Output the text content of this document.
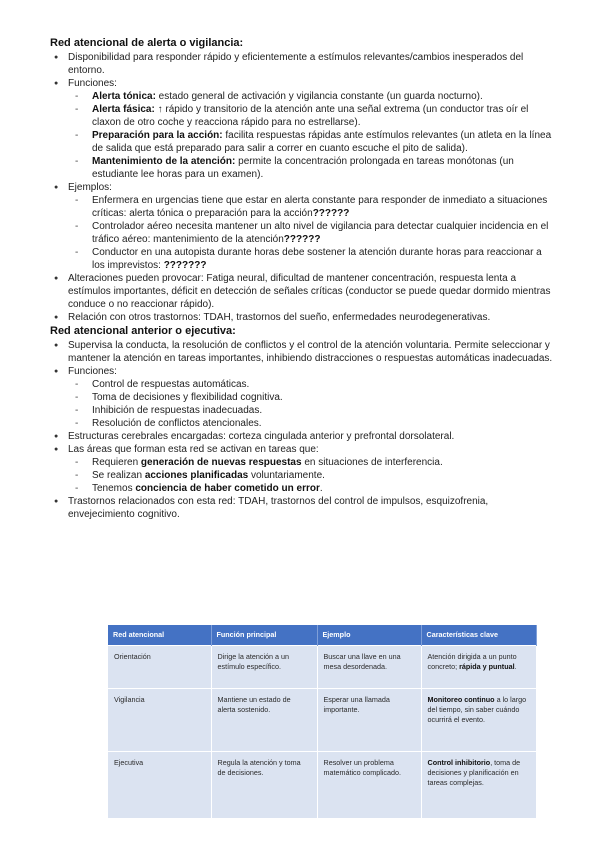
Red atencional de alerta o vigilancia:
● Disponibilidad para responder rápido y eficientemente a estímulos relevantes/cambios inesperados del entorno.
● Funciones:
- Alerta tónica: estado general de activación y vigilancia constante (un guarda nocturno).
- Alerta fásica: ↑ rápido y transitorio de la atención ante una señal extrema (un conductor tras oír el claxon de otro coche y reacciona rápido para no estrellarse).
- Preparación para la acción: facilita respuestas rápidas ante estímulos relevantes (un atleta en la línea de salida que está preparado para salir a correr en cuanto escuche el pito de salida).
- Mantenimiento de la atención: permite la concentración prolongada en tareas monótonas (un estudiante lee horas para un examen).
● Ejemplos:
- Enfermera en urgencias tiene que estar en alerta constante para responder de inmediato a situaciones críticas: alerta tónica o preparación para la acción??????
- Controlador aéreo necesita mantener un alto nivel de vigilancia para detectar cualquier incidencia en el tráfico aéreo: mantenimiento de la atención??????
- Conductor en una autopista durante horas debe sostener la atención durante horas para reaccionar a los imprevistos: ???????
● Alteraciones pueden provocar: Fatiga neural, dificultad de mantener concentración, respuesta lenta a estímulos importantes, déficit en detección de señales críticas (conductor se puede quedar dormido mientras conduce o no reaccionar rápido).
● Relación con otros trastornos: TDAH, trastornos del sueño, enfermedades neurodegenerativas.
Red atencional anterior o ejecutiva:
● Supervisa la conducta, la resolución de conflictos y el control de la atención voluntaria. Permite seleccionar y mantener la atención en tareas importantes, inhibiendo distracciones o respuestas automáticas inadecuadas.
● Funciones:
- Control de respuestas automáticas.
- Toma de decisiones y flexibilidad cognitiva.
- Inhibición de respuestas inadecuadas.
- Resolución de conflictos atencionales.
● Estructuras cerebrales encargadas: corteza cingulada anterior y prefrontal dorsolateral.
● Las áreas que forman esta red se activan en tareas que:
- Requieren generación de nuevas respuestas en situaciones de interferencia.
- Se realizan acciones planificadas voluntariamente.
- Tenemos conciencia de haber cometido un error.
● Trastornos relacionados con esta red: TDAH, trastornos del control de impulsos, esquizofrenia, envejecimiento cognitivo.
Red atencional	Función principal	Ejemplo	Características clave
Orientación	Dirige la atención a un estímulo específico.	Buscar una llave en una mesa desordenada.	Atención dirigida a un punto concreto; rápida y puntual.
Vigilancia	Mantiene un estado de alerta sostenido.	Esperar una llamada importante.	Monitoreo continuo a lo largo del tiempo, sin saber cuándo ocurrirá el evento.
Ejecutiva	Regula la atención y toma de decisiones.	Resolver un problema matemático complicado.	Control inhibitorio, toma de decisiones y planificación en tareas complejas.
